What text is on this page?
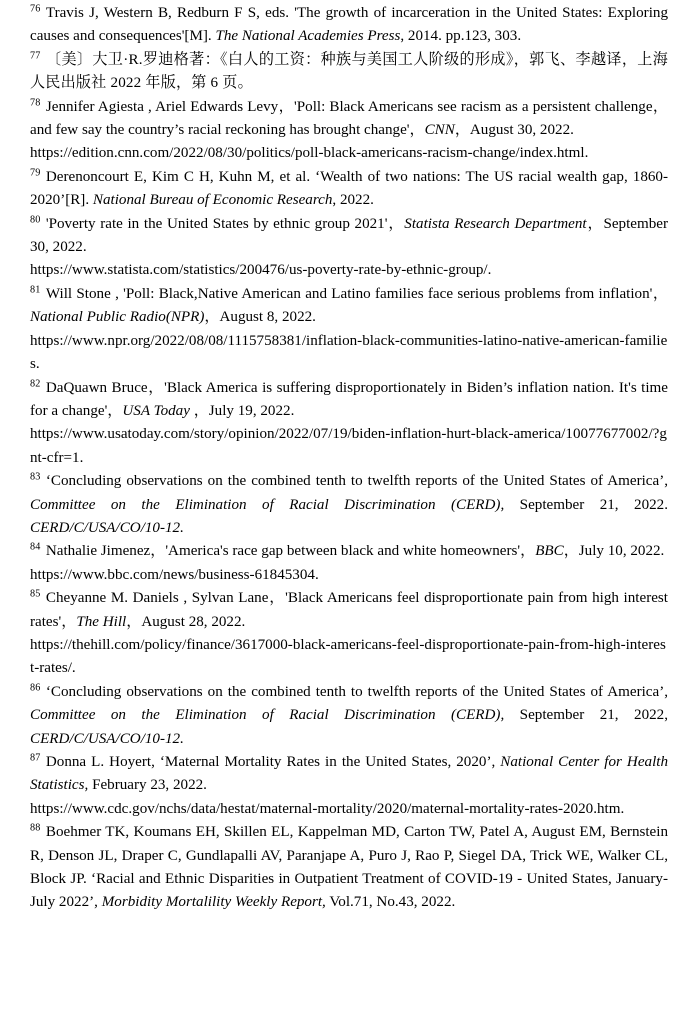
$^{76}$ Travis J, Western B, Redburn F S, eds. 'The growth of incarceration in the United States: Exploring causes and consequences'[M]. The National Academies Press, 2014. pp.123, 303.

$^{77}$ 〔美〕大卫·R.罗迪格著：《白人的工资：种族与美国工人阶级的形成》，郭飞、李越译，上海人民出版社 2022 年版，第 6 页。

$^{78}$ Jennifer Agiesta , Ariel Edwards Levy，'Poll: Black Americans see racism as a persistent challenge，and few say the country’s racial reckoning has brought change'，CNN，August 30, 2022.

https://edition.cnn.com/2022/08/30/politics/poll-black-americans-racism-change/index.html.

$^{79}$ Derenoncourt E, Kim C H, Kuhn M, et al. ‘Wealth of two nations: The US racial wealth gap, 1860-2020’[R]. National Bureau of Economic Research, 2022.

$^{80}$ 'Poverty rate in the United States by ethnic group 2021'，Statista Research Department，September 30, 2022.

https://www.statista.com/statistics/200476/us-poverty-rate-by-ethnic-group/.

$^{81}$ Will Stone , 'Poll: Black,Native American and Latino families face serious problems from inflation'，National Public Radio(NPR)，August 8, 2022.

https://www.npr.org/2022/08/08/1115758381/inflation-black-communities-latino-native-american-families.

$^{82}$ DaQuawn Bruce，'Black America is suffering disproportionately in Biden’s inflation nation. It's time for a change'，USA Today ，July 19, 2022.

https://www.usatoday.com/story/opinion/2022/07/19/biden-inflation-hurt-black-america/10077677002/?gnt-cfr=1.

$^{83}$ ‘Concluding observations on the combined tenth to twelfth reports of the United States of America’, Committee on the Elimination of Racial Discrimination (CERD), September 21, 2022. CERD/C/USA/CO/10-12.

$^{84}$ Nathalie Jimenez，'America's race gap between black and white homeowners'，BBC，July 10, 2022.

https://www.bbc.com/news/business-61845304.

$^{85}$ Cheyanne M. Daniels , Sylvan Lane，'Black Americans feel disproportionate pain from high interest rates'，The Hill，August 28, 2022.

https://thehill.com/policy/finance/3617000-black-americans-feel-disproportionate-pain-from-high-interest-rates/.

$^{86}$ ‘Concluding observations on the combined tenth to twelfth reports of the United States of America’, Committee on the Elimination of Racial Discrimination (CERD), September 21, 2022, CERD/C/USA/CO/10-12.

$^{87}$ Donna L. Hoyert, ‘Maternal Mortality Rates in the United States, 2020’, National Center for Health Statistics, February 23, 2022.

https://www.cdc.gov/nchs/data/hestat/maternal-mortality/2020/maternal-mortality-rates-2020.htm.

$^{88}$ Boehmer TK, Koumans EH, Skillen EL, Kappelman MD, Carton TW, Patel A, August EM, Bernstein R, Denson JL, Draper C, Gundlapalli AV, Paranjape A, Puro J, Rao P, Siegel DA, Trick WE, Walker CL, Block JP. ‘Racial and Ethnic Disparities in Outpatient Treatment of COVID-19 - United States, January-July 2022’, Morbidity Mortalility Weekly Report, Vol.71, No.43, 2022.
